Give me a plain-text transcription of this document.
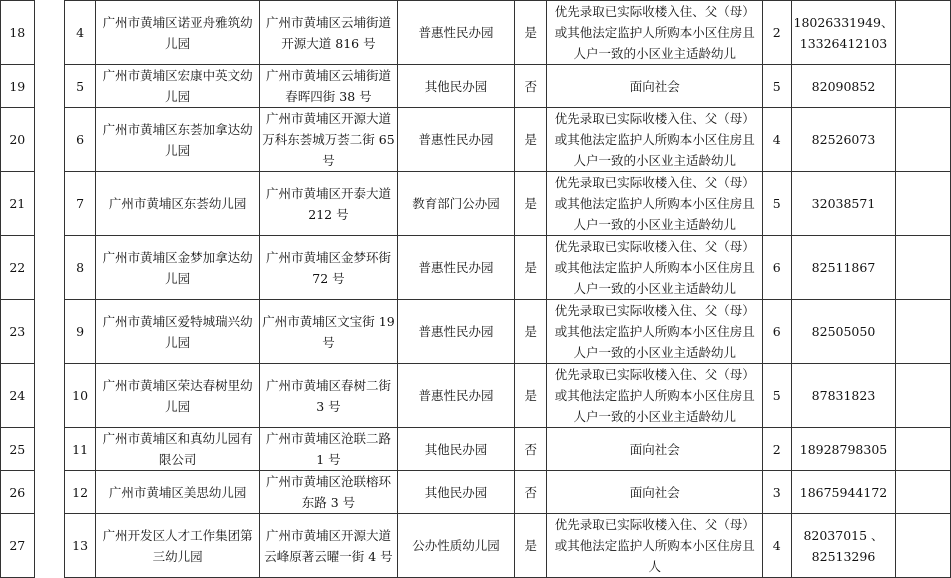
18		4	广州市黄埔区诺亚舟雅筑幼儿园	广州市黄埔区云埔街道开源大道 816 号	普惠性民办园	是	优先录取已实际收楼入住、父（母）或其他法定监护人所购本小区住房且人户一致的小区业主适龄幼儿	2	18026331949、13326412103	
19		5	广州市黄埔区宏康中英文幼儿园	广州市黄埔区云埔街道春晖四街 38 号	其他民办园	否	面向社会	5	82090852	
20		6	广州市黄埔区东荟加拿达幼儿园	广州市黄埔区开源大道万科东荟城万荟二街 65 号	普惠性民办园	是	优先录取已实际收楼入住、父（母）或其他法定监护人所购本小区住房且人户一致的小区业主适龄幼儿	4	82526073	
21		7	广州市黄埔区东荟幼儿园	广州市黄埔区开泰大道 212 号	教育部门公办园	是	优先录取已实际收楼入住、父（母）或其他法定监护人所购本小区住房且人户一致的小区业主适龄幼儿	5	32038571	
22		8	广州市黄埔区金梦加拿达幼儿园	广州市黄埔区金梦环街 72 号	普惠性民办园	是	优先录取已实际收楼入住、父（母）或其他法定监护人所购本小区住房且人户一致的小区业主适龄幼儿	6	82511867	
23		9	广州市黄埔区爱特城瑞兴幼儿园	广州市黄埔区文宝街 19 号	普惠性民办园	是	优先录取已实际收楼入住、父（母）或其他法定监护人所购本小区住房且人户一致的小区业主适龄幼儿	6	82505050	
24		10	广州市黄埔区荣达春树里幼儿园	广州市黄埔区春树二街 3 号	普惠性民办园	是	优先录取已实际收楼入住、父（母）或其他法定监护人所购本小区住房且人户一致的小区业主适龄幼儿	5	87831823	
25		11	广州市黄埔区和真幼儿园有限公司	广州市黄埔区沧联二路 1 号	其他民办园	否	面向社会	2	18928798305	
26		12	广州市黄埔区美思幼儿园	广州市黄埔区沧联榕环东路 3 号	其他民办园	否	面向社会	3	18675944172	
27		13	广州开发区人才工作集团第三幼儿园	广州市黄埔区开源大道云峰原著云曜一街 4 号	公办性质幼儿园	是	优先录取已实际收楼入住、父（母）或其他法定监护人所购本小区住房且人	4	82037015 、82513296	
